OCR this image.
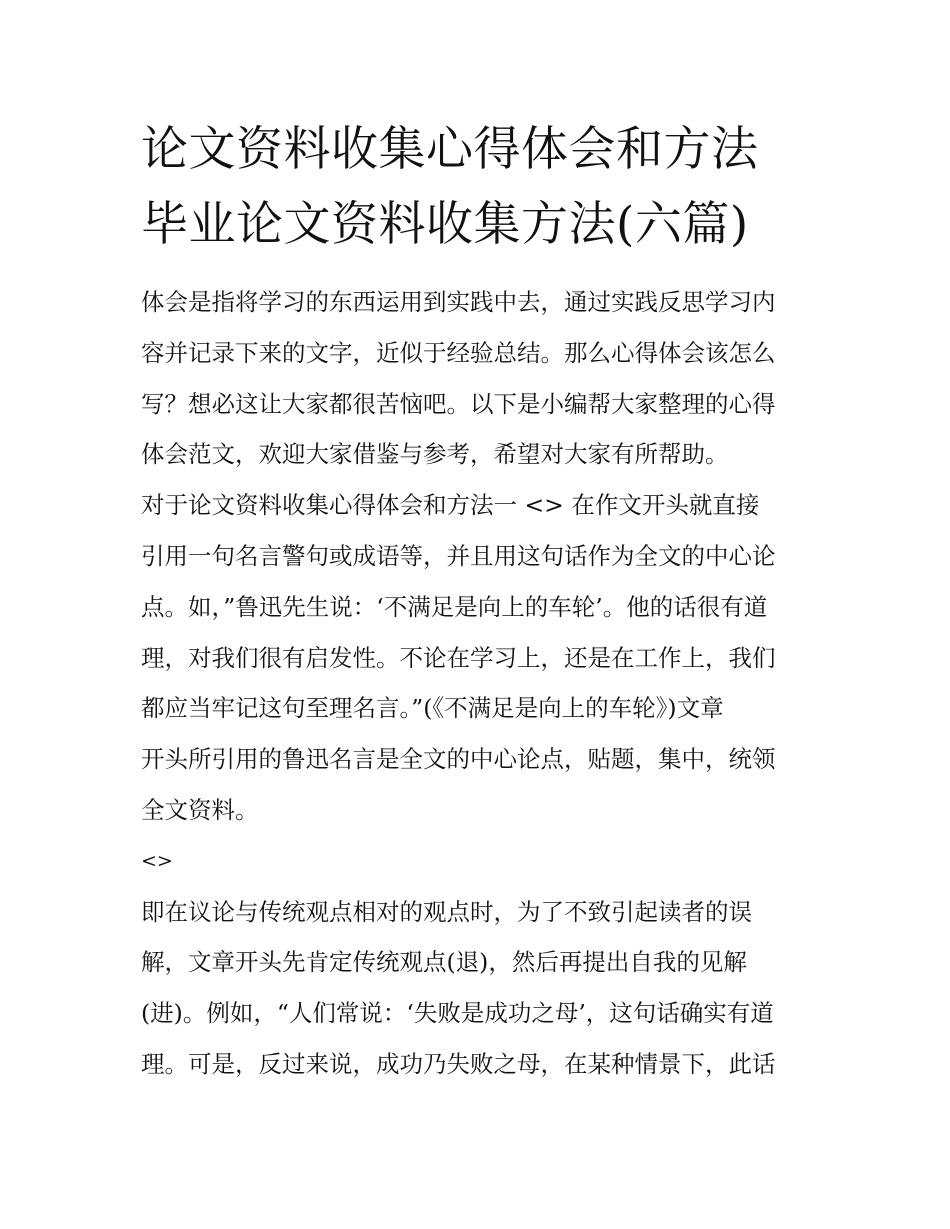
论文资料收集心得体会和方法
毕业论文资料收集方法(六篇)
体会是指将学习的东西运用到实践中去，通过实践反思学习内
容并记录下来的文字，近似于经验总结。那么心得体会该怎么
写？想必这让大家都很苦恼吧。以下是小编帮大家整理的心得
体会范文，欢迎大家借鉴与参考，希望对大家有所帮助。
对于论文资料收集心得体会和方法一 <> 在作文开头就直接
引用一句名言警句或成语等，并且用这句话作为全文的中心论
点。如，”鲁迅先生说：‘不满足是向上的车轮’。他的话很有道
理，对我们很有启发性。不论在学习上，还是在工作上，我们
都应当牢记这句至理名言。”(《不满足是向上的车轮》)文章
开头所引用的鲁迅名言是全文的中心论点，贴题，集中，统领
全文资料。
<>
即在议论与传统观点相对的观点时，为了不致引起读者的误
解，文章开头先肯定传统观点(退)，然后再提出自我的见解
(进)。例如，“人们常说：‘失败是成功之母’，这句话确实有道
理。可是，反过来说，成功乃失败之母，在某种情景下，此话
